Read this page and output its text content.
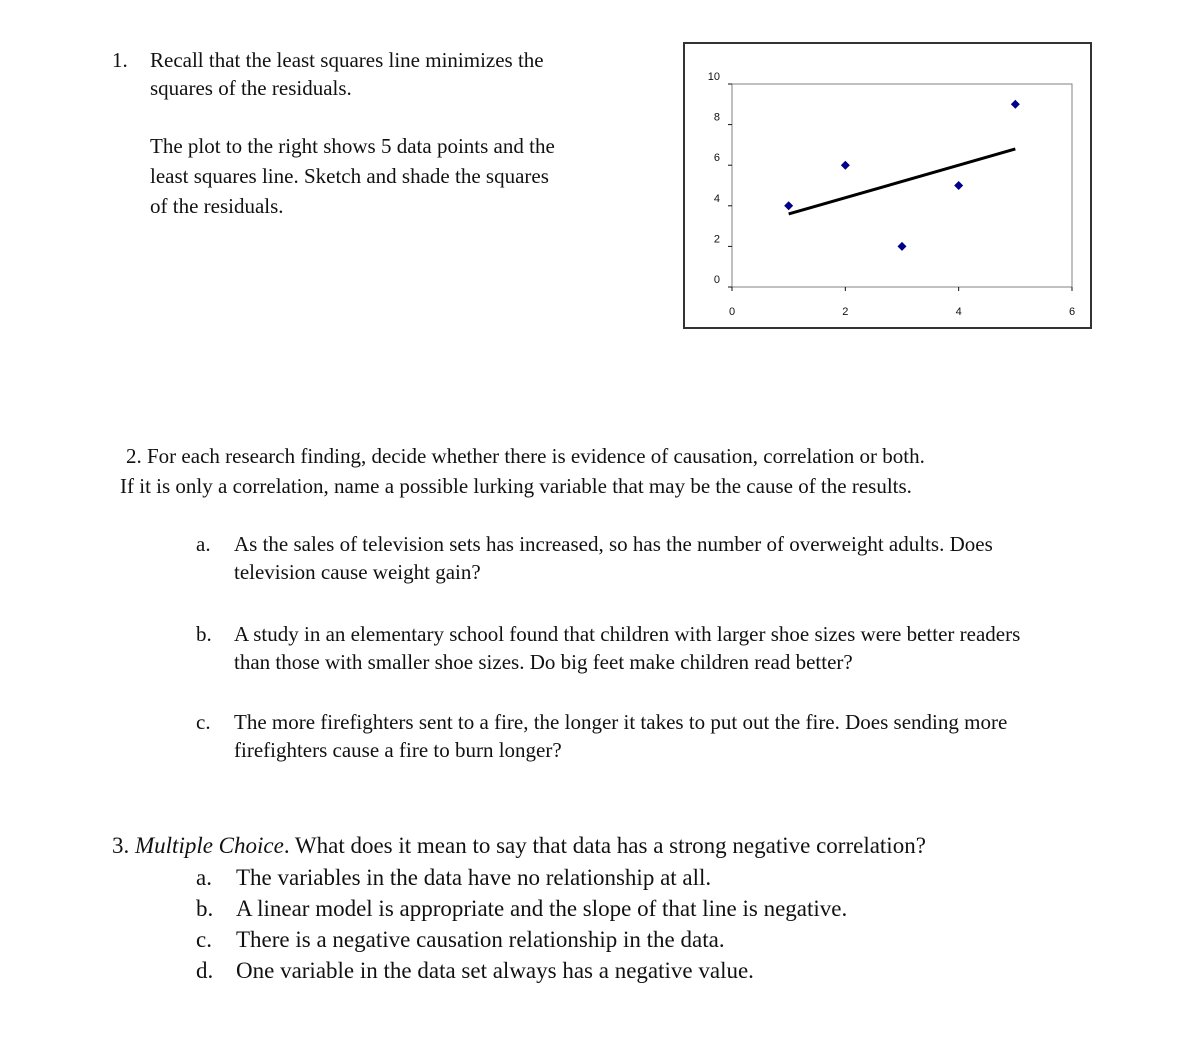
1. Recall that the least squares line minimizes the
squares of the residuals.
The plot to the right shows 5 data points and the
least squares line. Sketch and shade the squares
of the residuals.
0
2
4
6
8
10
0	2	4	6
2. For each research finding, decide whether there is evidence of causation, correlation or both.
If it is only a correlation, name a possible lurking variable that may be the cause of the results.
a. As the sales of television sets has increased, so has the number of overweight adults. Does
television cause weight gain?
b. A study in an elementary school found that children with larger shoe sizes were better readers
than those with smaller shoe sizes. Do big feet make children read better?
c. The more firefighters sent to a fire, the longer it takes to put out the fire. Does sending more
firefighters cause a fire to burn longer?
3. Multiple Choice. What does it mean to say that data has a strong negative correlation?
a. The variables in the data have no relationship at all.
b. A linear model is appropriate and the slope of that line is negative.
c. There is a negative causation relationship in the data.
d. One variable in the data set always has a negative value.
